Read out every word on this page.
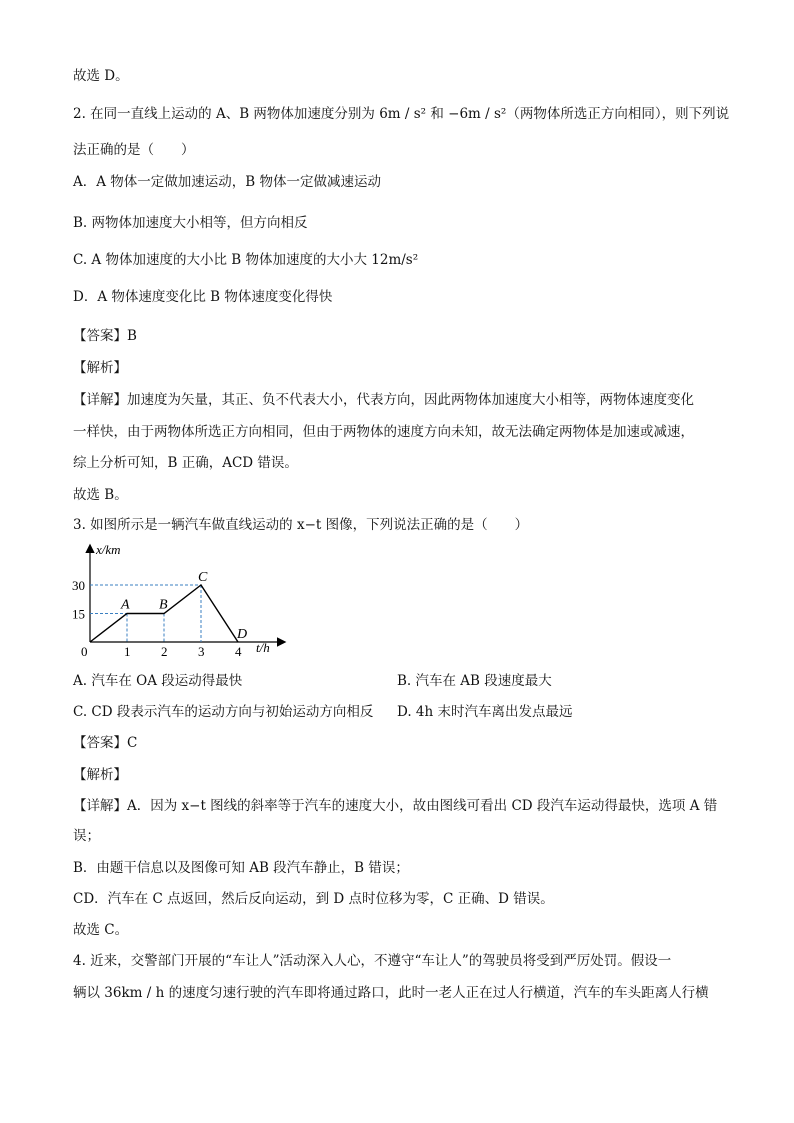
故选 D。
2. 在同一直线上运动的 A、B 两物体加速度分别为 6m / s² 和 −6m / s²（两物体所选正方向相同），则下列说
法正确的是（　　）
A．A 物体一定做加速运动，B 物体一定做减速运动
B. 两物体加速度大小相等，但方向相反
C. A 物体加速度的大小比 B 物体加速度的大小大 12m/s²
D．A 物体速度变化比 B 物体速度变化得快
【答案】B
【解析】
【详解】加速度为矢量，其正、负不代表大小，代表方向，因此两物体加速度大小相等，两物体速度变化
一样快，由于两物体所选正方向相同，但由于两物体的速度方向未知，故无法确定两物体是加速或减速，
综上分析可知，B 正确，ACD 错误。
故选 B。
3. 如图所示是一辆汽车做直线运动的 x−t 图像，下列说法正确的是（　　）
0	1 2 3 4
15
30
A B
C
D
x/km
t/h
A. 汽车在 OA 段运动得最快	B. 汽车在 AB 段速度最大
C. CD 段表示汽车的运动方向与初始运动方向相反 D. 4h 末时汽车离出发点最远
【答案】C
【解析】
【详解】A．因为 x−t 图线的斜率等于汽车的速度大小，故由图线可看出 CD 段汽车运动得最快，选项 A 错
误；
B．由题干信息以及图像可知 AB 段汽车静止，B 错误；
CD．汽车在 C 点返回，然后反向运动，到 D 点时位移为零，C 正确、D 错误。
故选 C。
4. 近来，交警部门开展的“车让人”活动深入人心，不遵守“车让人”的驾驶员将受到严厉处罚。假设一
辆以 36km / h 的速度匀速行驶的汽车即将通过路口，此时一老人正在过人行横道，汽车的车头距离人行横
